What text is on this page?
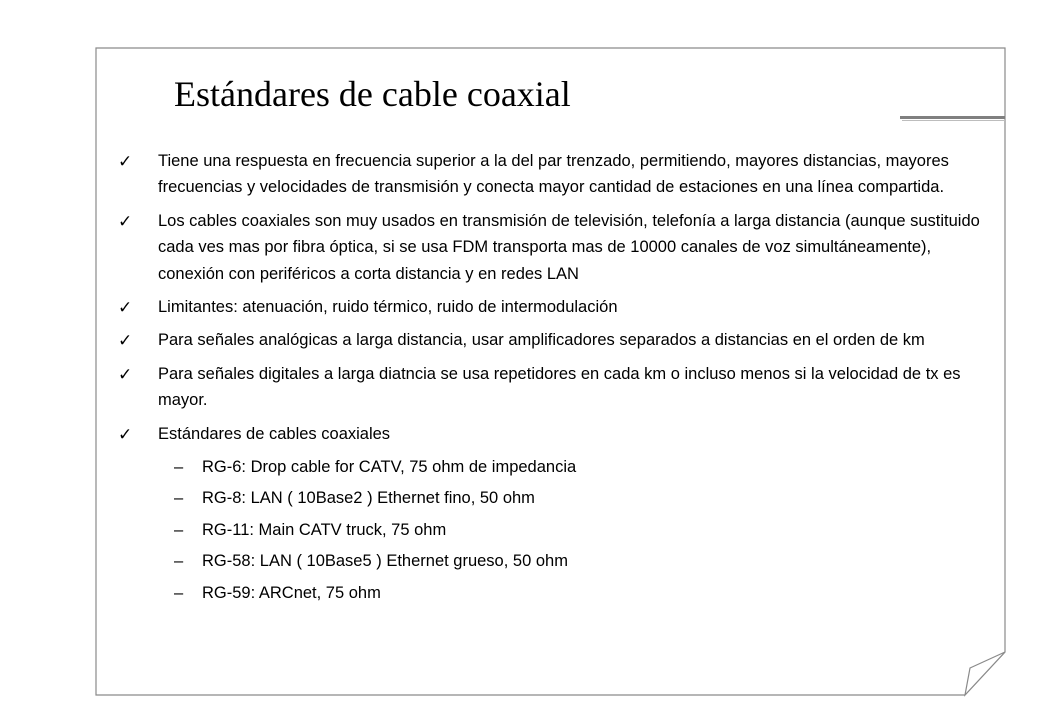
Estándares de cable coaxial
✓ Tiene una respuesta en frecuencia superior a la del par trenzado, permitiendo, mayores distancias, mayores frecuencias y velocidades de transmisión y conecta mayor cantidad de estaciones en una línea compartida.
✓ Los cables coaxiales son muy usados en transmisión de televisión, telefonía a larga distancia (aunque sustituido cada ves mas por fibra óptica, si se usa FDM transporta mas de 10000 canales de voz simultáneamente), conexión con periféricos a corta distancia y en redes LAN
✓ Limitantes: atenuación, ruido térmico, ruido de intermodulación
✓ Para señales analógicas a larga distancia, usar amplificadores separados a distancias en el orden de km
✓ Para señales digitales a larga diatncia se usa repetidores en cada km o incluso menos si la velocidad de tx es mayor.
✓ Estándares de cables coaxiales
– RG-6: Drop cable for CATV, 75 ohm de impedancia
– RG-8: LAN ( 10Base2 ) Ethernet fino, 50 ohm
– RG-11: Main CATV truck, 75 ohm
– RG-58: LAN ( 10Base5 ) Ethernet grueso, 50 ohm
– RG-59: ARCnet, 75 ohm
